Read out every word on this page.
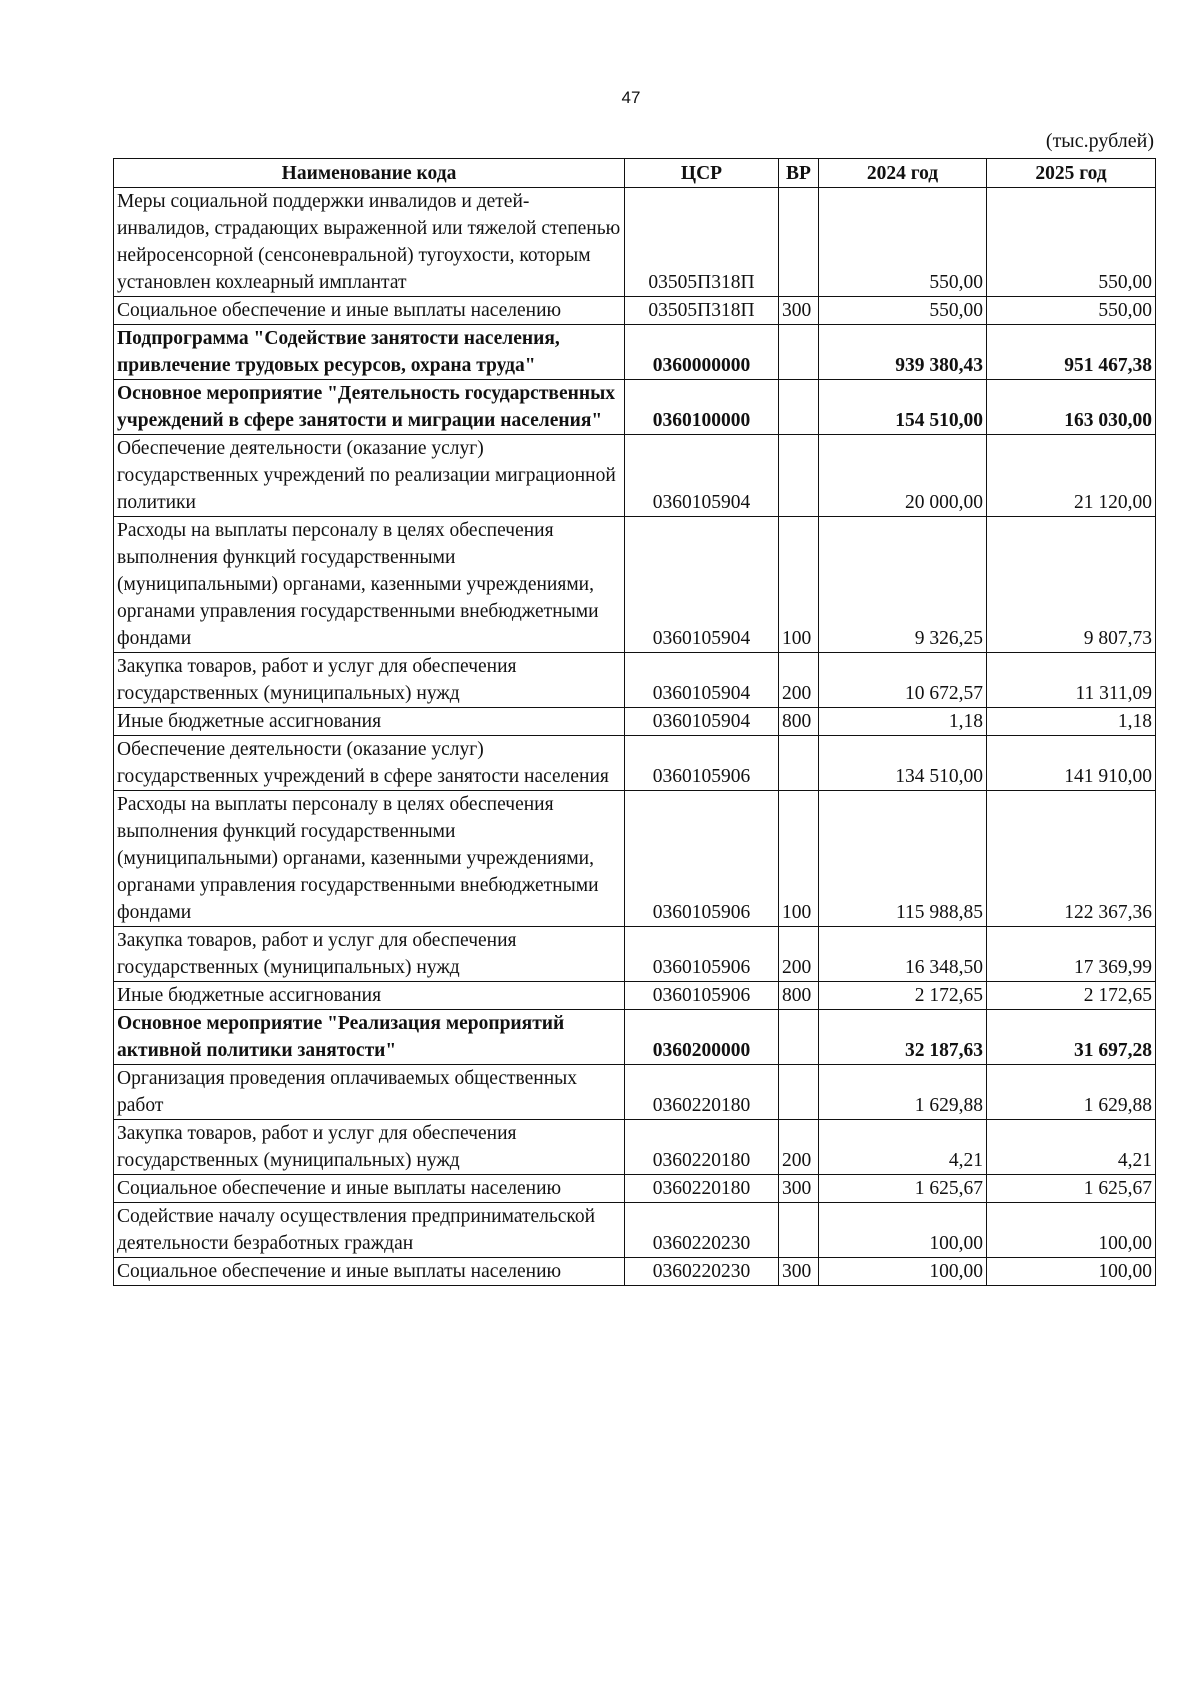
47
(тыс.рублей)
Наименование кода	ЦСР	ВР	2024 год	2025 год
Меры социальной поддержки инвалидов и детей-инвалидов, страдающих выраженной или тяжелой степенью нейросенсорной (сенсоневральной) тугоухости, которым установлен кохлеарный имплантат	03505П318П		550,00	550,00
Социальное обеспечение и иные выплаты населению	03505П318П	300	550,00	550,00
Подпрограмма "Содействие занятости населения, привлечение трудовых ресурсов, охрана труда"	0360000000		939 380,43	951 467,38
Основное мероприятие "Деятельность государственных учреждений в сфере занятости и миграции населения"	0360100000		154 510,00	163 030,00
Обеспечение деятельности (оказание услуг) государственных учреждений по реализации миграционной политики	0360105904		20 000,00	21 120,00
Расходы на выплаты персоналу в целях обеспечения выполнения функций государственными (муниципальными) органами, казенными учреждениями, органами управления государственными внебюджетными фондами	0360105904	100	9 326,25	9 807,73
Закупка товаров, работ и услуг для обеспечения государственных (муниципальных) нужд	0360105904	200	10 672,57	11 311,09
Иные бюджетные ассигнования	0360105904	800	1,18	1,18
Обеспечение деятельности (оказание услуг) государственных учреждений в сфере занятости населения	0360105906		134 510,00	141 910,00
Расходы на выплаты персоналу в целях обеспечения выполнения функций государственными (муниципальными) органами, казенными учреждениями, органами управления государственными внебюджетными фондами	0360105906	100	115 988,85	122 367,36
Закупка товаров, работ и услуг для обеспечения государственных (муниципальных) нужд	0360105906	200	16 348,50	17 369,99
Иные бюджетные ассигнования	0360105906	800	2 172,65	2 172,65
Основное мероприятие "Реализация мероприятий активной политики занятости"	0360200000		32 187,63	31 697,28
Организация проведения оплачиваемых общественных работ	0360220180		1 629,88	1 629,88
Закупка товаров, работ и услуг для обеспечения государственных (муниципальных) нужд	0360220180	200	4,21	4,21
Социальное обеспечение и иные выплаты населению	0360220180	300	1 625,67	1 625,67
Содействие началу осуществления предпринимательской деятельности безработных граждан	0360220230		100,00	100,00
Социальное обеспечение и иные выплаты населению	0360220230	300	100,00	100,00
